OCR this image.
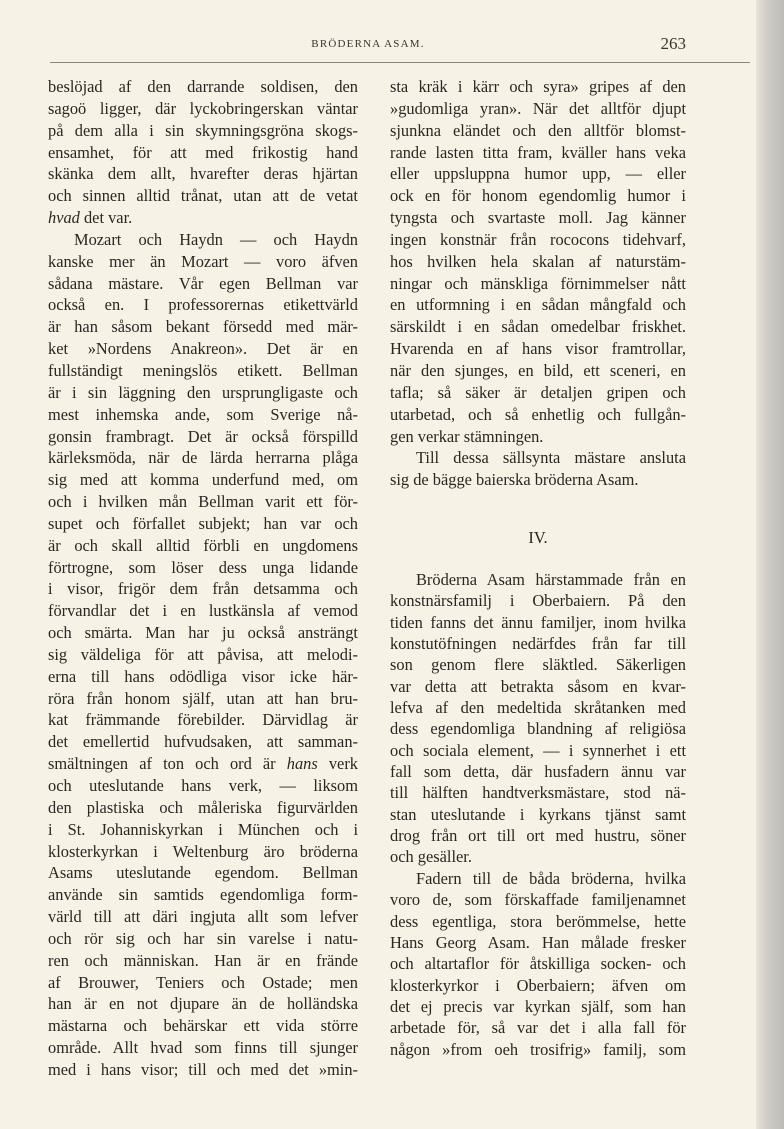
BRÖDERNA ASAM.	263
beslöjad af den darrande soldisen, den
sagoö ligger, där lyckobringerskan väntar
på dem alla i sin skymningsgröna skogs-
ensamhet, för att med frikostig hand
skänka dem allt, hvarefter deras hjärtan
och sinnen alltid trånat, utan att de vetat
hvad det var.
Mozart och Haydn — och Haydn
kanske mer än Mozart — voro äfven
sådana mästare. Vår egen Bellman var
också en. I professorernas etikettvärld
är han såsom bekant försedd med mär-
ket »Nordens Anakreon». Det är en
fullständigt meningslös etikett. Bellman
är i sin läggning den ursprungligaste och
mest inhemska ande, som Sverige nå-
gonsin frambragt. Det är också förspilld
kärleksmöda, när de lärda herrarna plåga
sig med att komma underfund med, om
och i hvilken mån Bellman varit ett för-
supet och förfallet subjekt; han var och
är och skall alltid förbli en ungdomens
förtrogne, som löser dess unga lidande
i visor, frigör dem från detsamma och
förvandlar det i en lustkänsla af vemod
och smärta. Man har ju också ansträngt
sig väldeliga för att påvisa, att melodi-
erna till hans odödliga visor icke här-
röra från honom själf, utan att han bru-
kat främmande förebilder. Därvidlag är
det emellertid hufvudsaken, att samman-
smältningen af ton och ord är hans verk
och uteslutande hans verk, — liksom
den plastiska och måleriska figurvärlden
i St. Johanniskyrkan i München och i
klosterkyrkan i Weltenburg äro bröderna
Asams uteslutande egendom. Bellman
använde sin samtids egendomliga form-
värld till att däri ingjuta allt som lefver
och rör sig och har sin varelse i natu-
ren och människan. Han är en frände
af Brouwer, Teniers och Ostade; men
han är en not djupare än de holländska
mästarna och behärskar ett vida större
område. Allt hvad som finns till sjunger
med i hans visor; till och med det »min-
sta kräk i kärr och syra» gripes af den
»gudomliga yran». När det alltför djupt
sjunkna eländet och den alltför blomst-
rande lasten titta fram, kväller hans veka
eller uppsluppna humor upp, — eller
ock en för honom egendomlig humor i
tyngsta och svartaste moll. Jag känner
ingen konstnär från rococons tidehvarf,
hos hvilken hela skalan af naturstäm-
ningar och mänskliga förnimmelser nått
en utformning i en sådan mångfald och
särskildt i en sådan omedelbar friskhet.
Hvarenda en af hans visor framtrollar,
när den sjunges, en bild, ett sceneri, en
tafla; så säker är detaljen gripen och
utarbetad, och så enhetlig och fullgån-
gen verkar stämningen.
Till dessa sällsynta mästare ansluta
sig de bägge baierska bröderna Asam.
IV.
Bröderna Asam härstammade från en
konstnärsfamilj i Oberbaiern. På den
tiden fanns det ännu familjer, inom hvilka
konstutöfningen nedärfdes från far till
son genom flere släktled. Säkerligen
var detta att betrakta såsom en kvar-
lefva af den medeltida skråtanken med
dess egendomliga blandning af religiösa
och sociala element, — i synnerhet i ett
fall som detta, där husfadern ännu var
till hälften handtverksmästare, stod nä-
stan uteslutande i kyrkans tjänst samt
drog från ort till ort med hustru, söner
och gesäller.
Fadern till de båda bröderna, hvilka
voro de, som förskaffade familjenamnet
dess egentliga, stora berömmelse, hette
Hans Georg Asam. Han målade fresker
och altartaflor för åtskilliga socken- och
klosterkyrkor i Oberbaiern; äfven om
det ej precis var kyrkan själf, som han
arbetade för, så var det i alla fall för
någon »from oeh trosifrig» familj, som
